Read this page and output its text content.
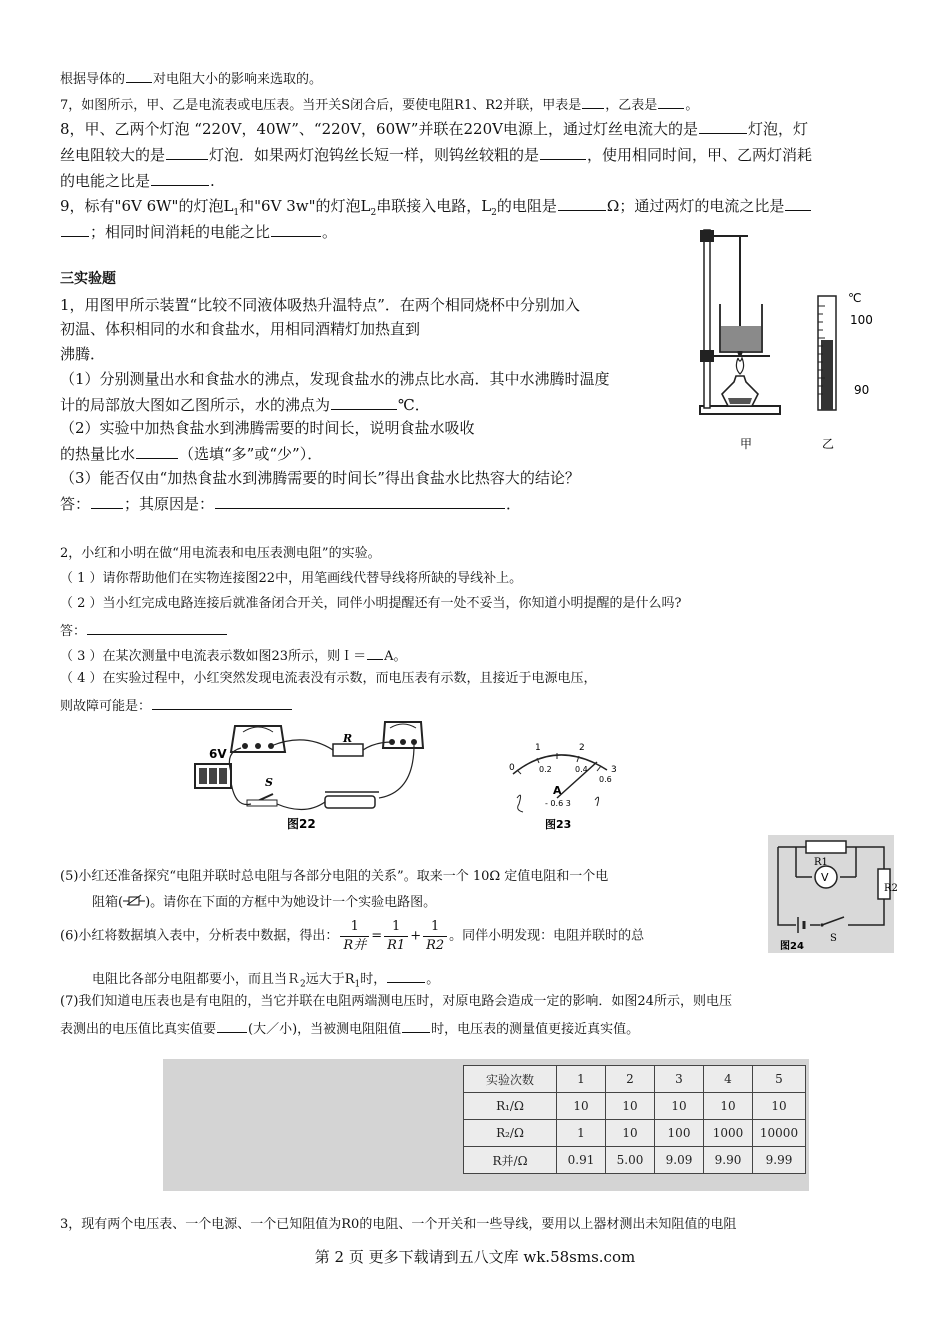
根据导体的 对电阻大小的影响来选取的。
7，如图所示，甲、乙是电流表或电压表。当开关S闭合后，要使电阻R1、R2并联，甲表是 ，乙表是 。
8，甲、乙两个灯泡 “220V，40W”、“220V，60W”并联在220V电源上，通过灯丝电流大的是	灯泡，灯
丝电阻较大的是	灯泡．如果两灯泡钨丝长短一样，则钨丝较粗的是	，使用相同时间，甲、乙两灯消耗
的电能之比是	.
9，标有"6V 6W"的灯泡$L_1$和"6V 3w"的灯泡$L_2$串联接入电路，$L_2$的电阻是	Ω；通过两灯的电流之比是
；相同时间消耗的电能之比	。
三实验题
1，用图甲所示装置“比较不同液体吸热升温特点”．在两个相同烧杯中分别加入
初温、体积相同的水和食盐水，用相同酒精灯加热直到
沸腾．
（1）分别测量出水和食盐水的沸点，发现食盐水的沸点比水高．其中水沸腾时温度
计的局部放大图如乙图所示，水的沸点为	℃．
（2）实验中加热食盐水到沸腾需要的时间长，说明食盐水吸收
的热量比水	（选填“多”或“少”）．
（3）能否仅由“加热食盐水到沸腾需要的时间长”得出食盐水比热容大的结论？
答： ；其原因是：	．
℃
100
90
甲	乙
2，小红和小明在做“用电流表和电压表测电阻”的实验。
（ 1 ）请你帮助他们在实物连接图22中，用笔画线代替导线将所缺的导线补上。
（ 2 ）当小红完成电路连接后就准备闭合开关，同伴小明提醒还有一处不妥当，你知道小明提醒的是什么吗?
答：
（ 3 ）在某次测量中电流表示数如图23所示，则Ｉ＝ A。
（ 4 ）在实验过程中，小红突然发现电流表没有示数，而电压表有示数，且接近于电源电压，
则故障可能是：
6V
R
S
图22
0
1	2
3
0.2	0.4
0.6
A
- 0.6 3
图23
(5)小红还准备探究“电阻并联时总电阻与各部分电阻的关系”。取来一个 10Ω 定值电阻和一个电
阻箱( )。请你在下面的方框中为她设计一个实验电路图。
(6)小红将数据填入表中，分析表中数据，得出： $\frac{1}{\text{R并}} = \frac{1}{R1} + \frac{1}{R2}$ 。同伴小明发现：电阻并联时的总
电阻比各部分电阻都要小，而且当Ｒ$_2$远大于$R_1$时，	。
(7)我们知道电压表也是有电阻的，当它并联在电阻两端测电压时，对原电路会造成一定的影响．如图24所示，则电压
表测出的电压值比真实值要 (大／小)，当被测电阻阻值 时，电压表的测量值更接近真实值。
V
R1
R2
S
图24
实验次数	1	2	3	4	5
R₁/Ω	10	10	10	10	10
R₂/Ω	1	10	100	1000	10000
R并/Ω	0.91	5.00	9.09	9.90	9.99
3，现有两个电压表、一个电源、一个已知阻值为R0的电阻、一个开关和一些导线，要用以上器材测出未知阻值的电阻
第 2 页 更多下载请到五八文库 wk.58sms.com
